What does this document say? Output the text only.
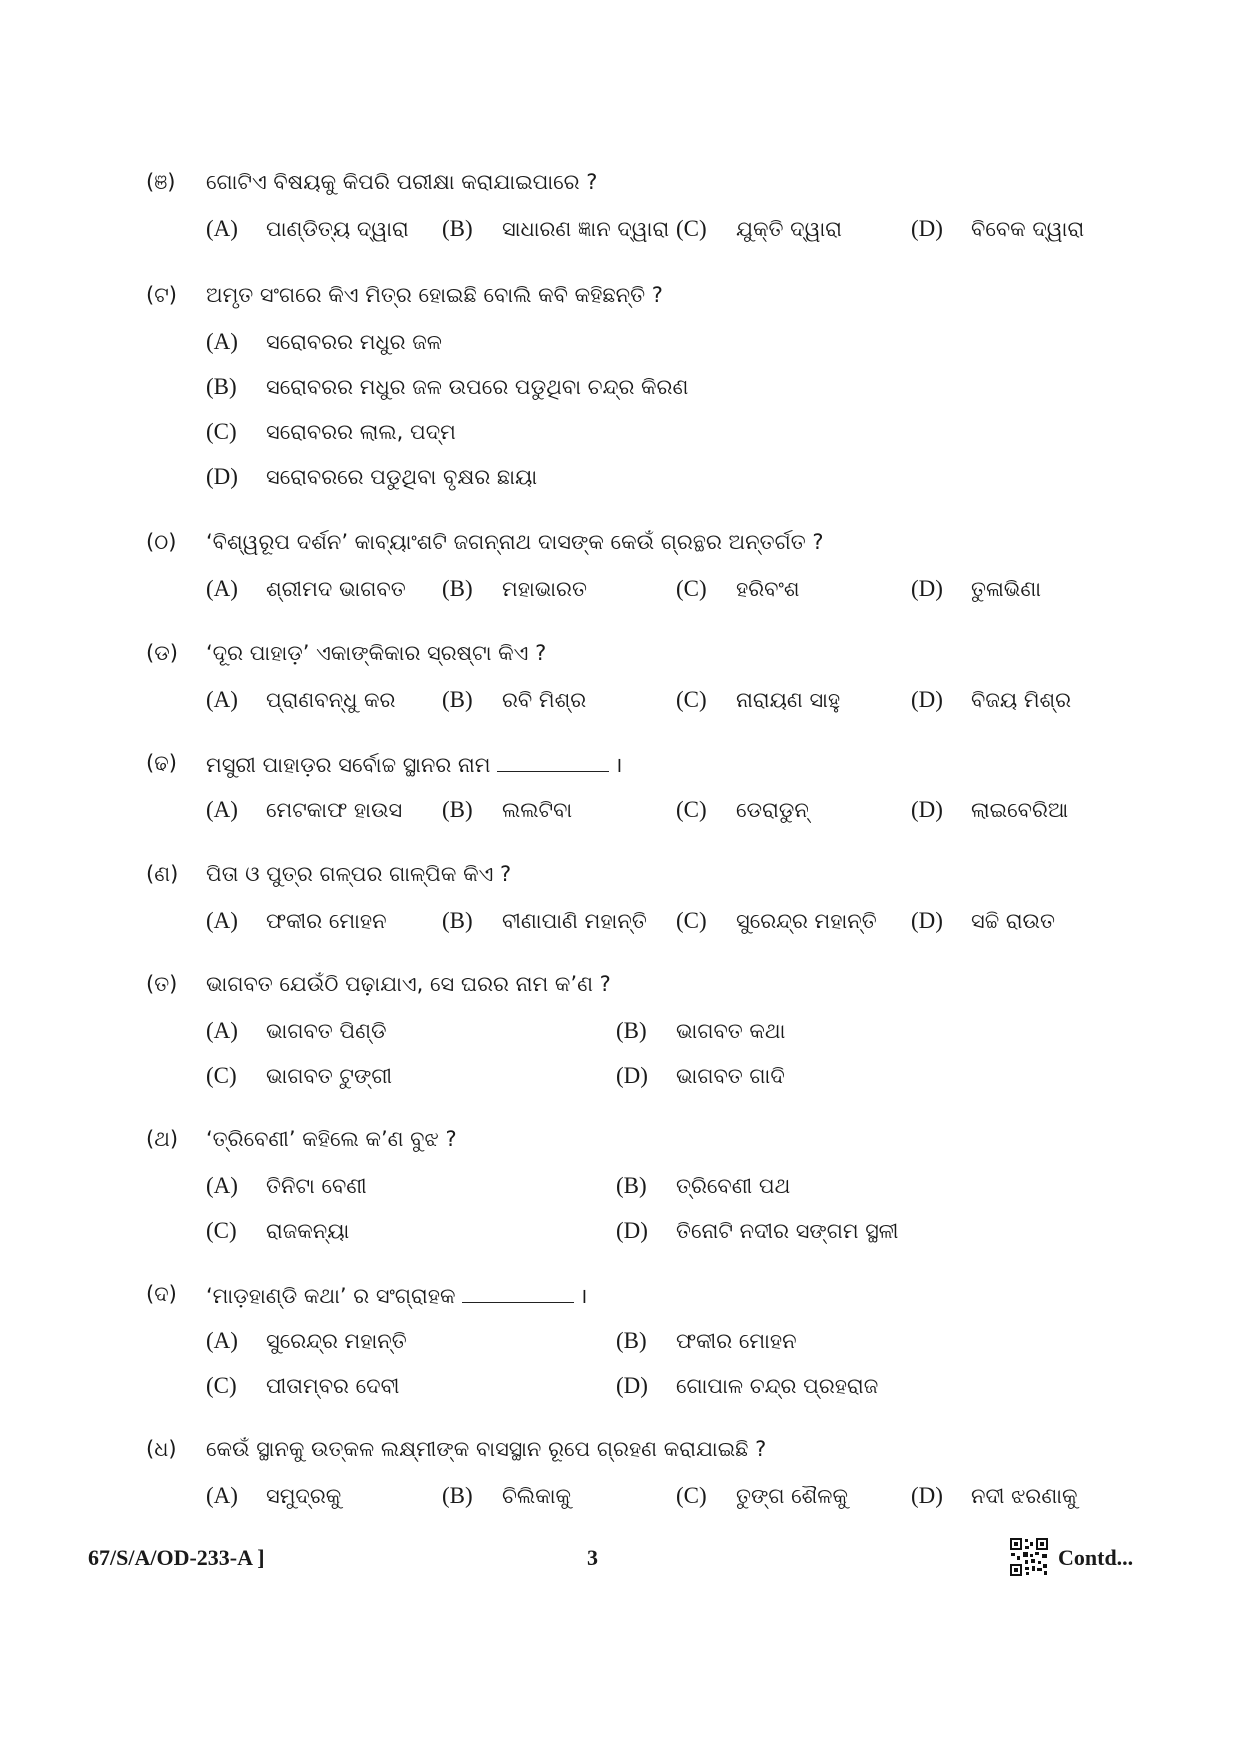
(ଞ)	ଗୋଟିଏ ବିଷୟକୁ କିପରି ପରୀକ୍ଷା କରାଯାଇପାରେ ?
(A) ପାଣ୍ଡିତ୍ୟ ଦ୍ୱାରା (B) ସାଧାରଣ ଜ୍ଞାନ ଦ୍ୱାରା (C) ଯୁକ୍ତି ଦ୍ୱାରା	(D) ବିବେକ ଦ୍ୱାରା
(ଟ)	ଅମୃତ ସଂଗରେ କିଏ ମିତ୍ର ହୋଇଛି ବୋଲି କବି କହିଛନ୍ତି ?
(A) ସରୋବରର ମଧୁର ଜଳ
(B) ସରୋବରର ମଧୁର ଜଳ ଉପରେ ପଡୁଥିବା ଚନ୍ଦ୍ର କିରଣ
(C) ସରୋବରର ଲାଲ, ପଦ୍ମ
(D) ସରୋବରରେ ପଡୁଥିବା ବୃକ୍ଷର ଛାୟା
(ଠ)	‘ବିଶ୍ୱରୂପ ଦର୍ଶନ’ କାବ୍ୟାଂଶଟି ଜଗନ୍ନାଥ ଦାସଙ୍କ କେଉଁ ଗ୍ରନ୍ଥର ଅନ୍ତର୍ଗତ ?
(A) ଶ୍ରୀମଦ ଭାଗବତ (B) ମହାଭାରତ	(C) ହରିବଂଶ	(D) ତୁଳାଭିଣା
(ଡ)	‘ଦୂର ପାହାଡ଼’ ଏକାଙ୍କିକାର ସ୍ରଷ୍ଟା କିଏ ?
(A) ପ୍ରାଣବନ୍ଧୁ କର (B) ରବି ମିଶ୍ର	(C) ନାରାୟଣ ସାହୁ	(D) ବିଜୟ ମିଶ୍ର
(ଢ)	ମସୁରୀ ପାହାଡ଼ର ସର୍ବୋଚ୍ଚ ସ୍ଥାନର ନାମ	।
(A) ମେଟକାଫ ହାଉସ (B) ଲଲଟିବା	(C) ଡେରାଡୁନ୍	(D) ଲାଇବେରିଆ
(ଣ)	ପିତା ଓ ପୁତ୍ର ଗଳ୍ପର ଗାଳ୍ପିକ କିଏ ?
(A) ଫକୀର ମୋହନ (B) ବୀଣାପାଣି ମହାନ୍ତି (C) ସୁରେନ୍ଦ୍ର ମହାନ୍ତି (D) ସଚ୍ଚି ରାଉତ
(ତ)	ଭାଗବତ ଯେଉଁଠି ପଢ଼ାଯାଏ, ସେ ଘରର ନାମ କ’ଣ ?
(A) ଭାଗବତ ପିଣ୍ଡି	(B) ଭାଗବତ କଥା
(C) ଭାଗବତ ଟୁଙ୍ଗୀ	(D) ଭାଗବତ ଗାଦି
(ଥ)	‘ତ୍ରିବେଣୀ’ କହିଲେ କ’ଣ ବୁଝ ?
(A) ତିନିଟା ବେଣୀ	(B) ତ୍ରିବେଣୀ ପଥ
(C) ରାଜକନ୍ୟା	(D) ତିନୋଟି ନଦୀର ସଙ୍ଗମ ସ୍ଥଳୀ
(ଦ)	‘ମାଡ଼ହାଣ୍ଡି କଥା’ ର ସଂଗ୍ରାହକ	।
(A) ସୁରେନ୍ଦ୍ର ମହାନ୍ତି	(B) ଫକୀର ମୋହନ
(C) ପୀତାମ୍ବର ଦେବୀ	(D) ଗୋପାଳ ଚନ୍ଦ୍ର ପ୍ରହରାଜ
(ଧ)	କେଉଁ ସ୍ଥାନକୁ ଉତ୍କଳ ଲକ୍ଷ୍ମୀଙ୍କ ବାସସ୍ଥାନ ରୂପେ ଗ୍ରହଣ କରାଯାଇଛି ?
(A) ସମୁଦ୍ରକୁ	(B) ଚିଲିକାକୁ	(C) ତୁଙ୍ଗ ଶୈଳକୁ	(D) ନଦୀ ଝରଣାକୁ
67/S/A/OD-233-A ]	3	Contd...
